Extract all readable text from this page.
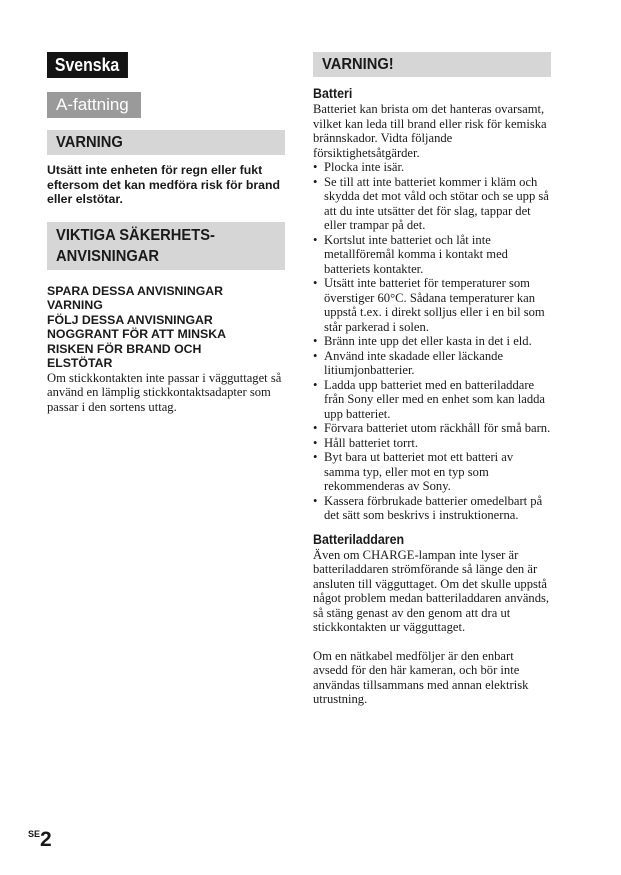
Svenska
A-fattning
VARNING
Utsätt inte enheten för regn eller fukt eftersom det kan medföra risk för brand eller elstötar.
VIKTIGA SÄKERHETS-
ANVISNINGAR
SPARA DESSA ANVISNINGAR
VARNING
FÖLJ DESSA ANVISNINGAR
NOGGRANT FÖR ATT MINSKA
RISKEN FÖR BRAND OCH
ELSTÖTAR

Om stickkontakten inte passar i vägguttaget så använd en lämplig stickkontaktsadapter som passar i den sortens uttag.

VARNING!
Batteri

Batteriet kan brista om det hanteras ovarsamt, vilket kan leda till brand eller risk för kemiska brännskador. Vidta följande försiktighetsåtgärder.

• Plocka inte isär.
• Se till att inte batteriet kommer i kläm och skydda det mot våld och stötar och se upp så att du inte utsätter det för slag, tappar det eller trampar på det.
• Kortslut inte batteriet och låt inte metallföremål komma i kontakt med batteriets kontakter.
• Utsätt inte batteriet för temperaturer som överstiger 60°C. Sådana temperaturer kan uppstå t.ex. i direkt solljus eller i en bil som står parkerad i solen.
• Bränn inte upp det eller kasta in det i eld.
• Använd inte skadade eller läckande litiumjonbatterier.
• Ladda upp batteriet med en batteriladdare från Sony eller med en enhet som kan ladda upp batteriet.
• Förvara batteriet utom räckhåll för små barn.
• Håll batteriet torrt.
• Byt bara ut batteriet mot ett batteri av samma typ, eller mot en typ som rekommenderas av Sony.
• Kassera förbrukade batterier omedelbart på det sätt som beskrivs i instruktionerna.
Batteriladdaren

Även om CHARGE-lampan inte lyser är batteriladdaren strömförande så länge den är ansluten till vägguttaget. Om det skulle uppstå något problem medan batteriladdaren används, så stäng genast av den genom att dra ut stickkontakten ur vägguttaget.

Om en nätkabel medföljer är den enbart avsedd för den här kameran, och bör inte användas tillsammans med annan elektrisk utrustning.

$^{SE}$2
